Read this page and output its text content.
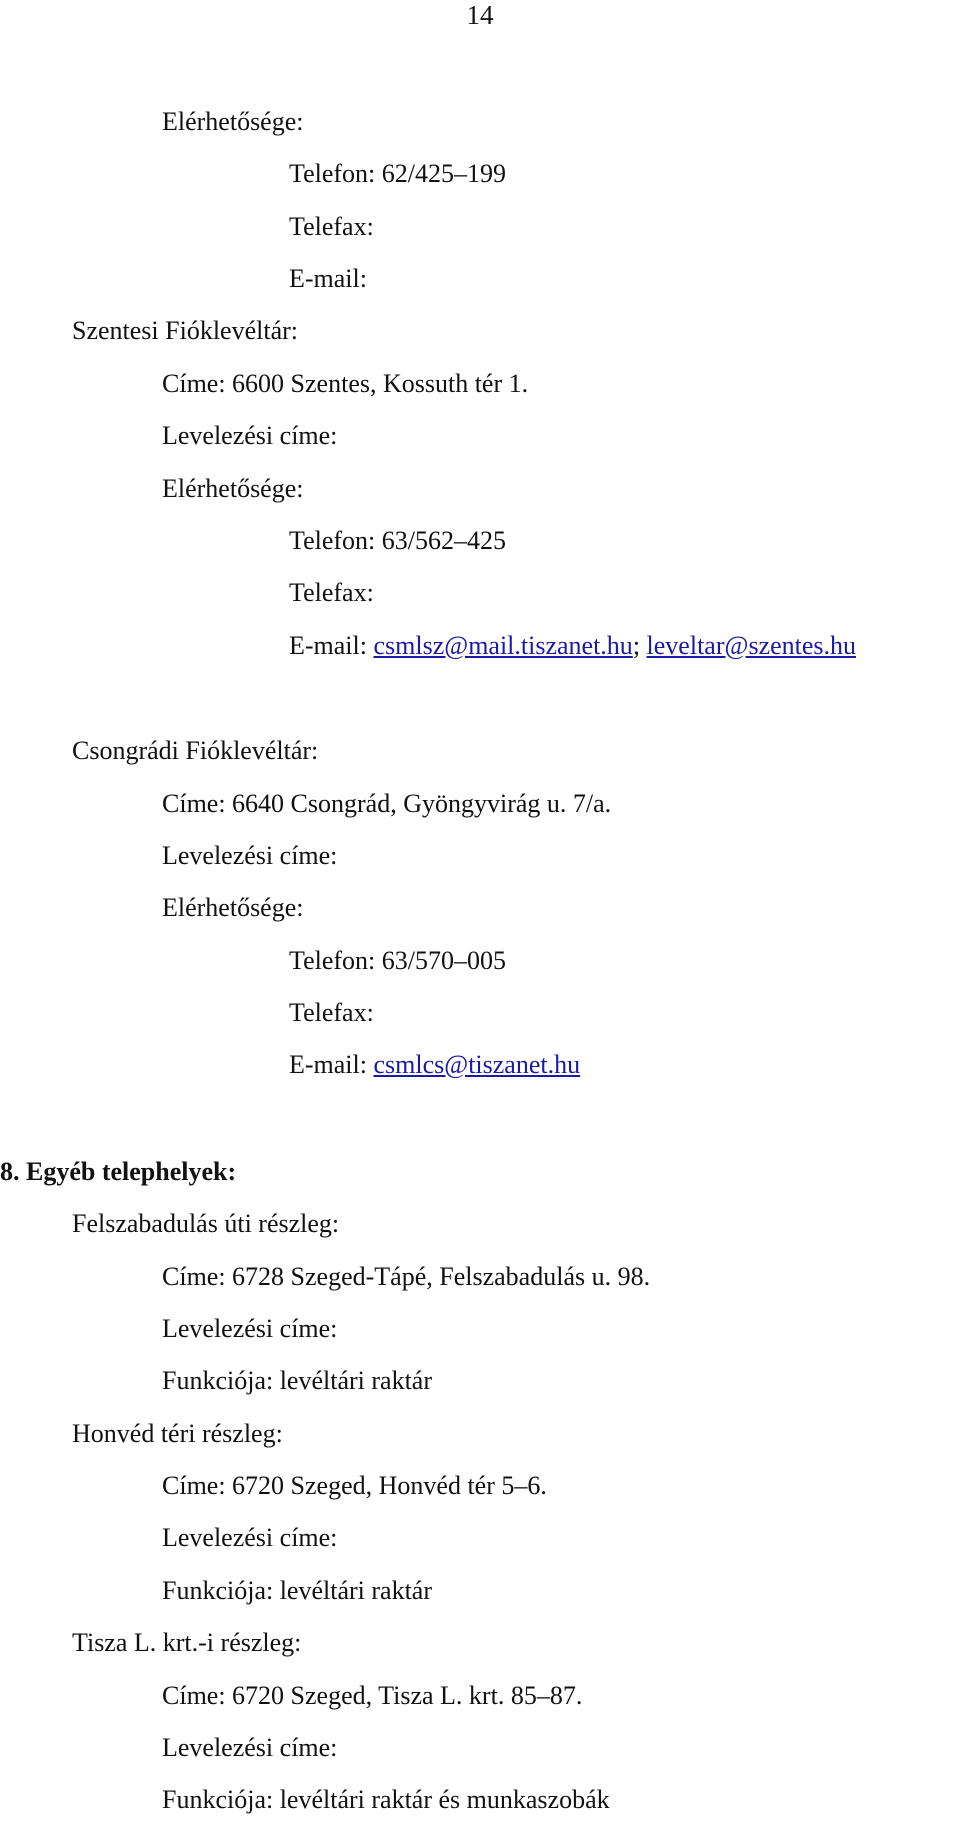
14
Elérhetősége:
Telefon: 62/425–199
Telefax:
E-mail:
Szentesi Fióklevéltár:
Címe: 6600 Szentes, Kossuth tér 1.
Levelezési címe:
Elérhetősége:
Telefon: 63/562–425
Telefax:
E-mail: csmlsz@mail.tiszanet.hu; leveltar@szentes.hu
Csongrádi Fióklevéltár:
Címe: 6640 Csongrád, Gyöngyvirág u. 7/a.
Levelezési címe:
Elérhetősége:
Telefon: 63/570–005
Telefax:
E-mail: csmlcs@tiszanet.hu
8. Egyéb telephelyek:
Felszabadulás úti részleg:
Címe: 6728 Szeged-Tápé, Felszabadulás u. 98.
Levelezési címe:
Funkciója: levéltári raktár
Honvéd téri részleg:
Címe: 6720 Szeged, Honvéd tér 5–6.
Levelezési címe:
Funkciója: levéltári raktár
Tisza L. krt.-i részleg:
Címe: 6720 Szeged, Tisza L. krt. 85–87.
Levelezési címe:
Funkciója: levéltári raktár és munkaszobák
